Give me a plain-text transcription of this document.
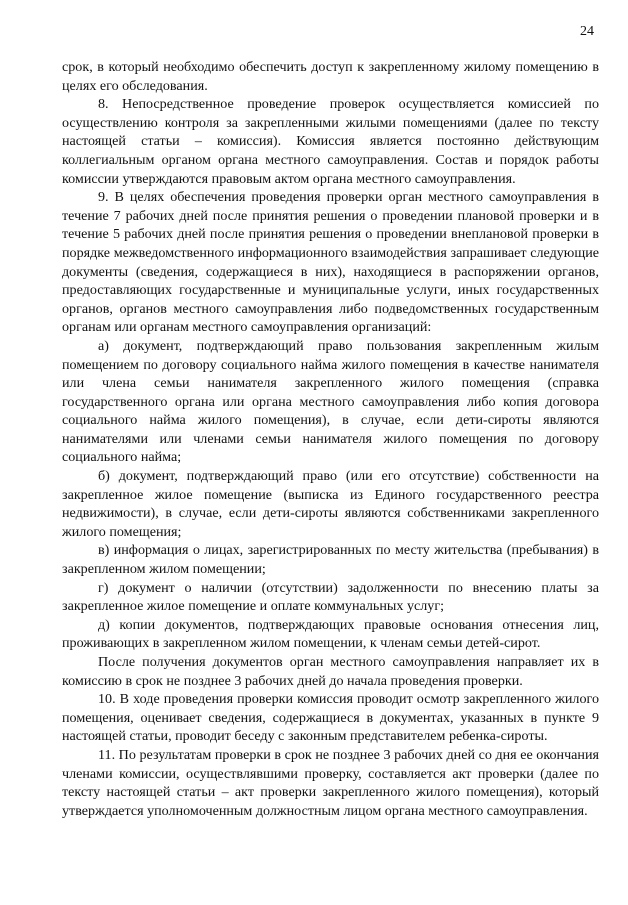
24

срок, в который необходимо обеспечить доступ к закрепленному жилому помещению в целях его обследования.

8. Непосредственное проведение проверок осуществляется комиссией по осуществлению контроля за закрепленными жилыми помещениями (далее по тексту настоящей статьи – комиссия). Комиссия является постоянно действующим коллегиальным органом органа местного самоуправления. Состав и порядок работы комиссии утверждаются правовым актом органа местного самоуправления.

9. В целях обеспечения проведения проверки орган местного самоуправления в течение 7 рабочих дней после принятия решения о проведении плановой проверки и в течение 5 рабочих дней после принятия решения о проведении внеплановой проверки в порядке межведомственного информационного взаимодействия запрашивает следующие документы (сведения, содержащиеся в них), находящиеся в распоряжении органов, предоставляющих государственные и муниципальные услуги, иных государственных органов, органов местного самоуправления либо подведомственных государственным органам или органам местного самоуправления организаций:

а) документ, подтверждающий право пользования закрепленным жилым помещением по договору социального найма жилого помещения в качестве нанимателя или члена семьи нанимателя закрепленного жилого помещения (справка государственного органа или органа местного самоуправления либо копия договора социального найма жилого помещения), в случае, если дети-сироты являются нанимателями или членами семьи нанимателя жилого помещения по договору социального найма;

б) документ, подтверждающий право (или его отсутствие) собственности на закрепленное жилое помещение (выписка из Единого государственного реестра недвижимости), в случае, если дети-сироты являются собственниками закрепленного жилого помещения;

в) информация о лицах, зарегистрированных по месту жительства (пребывания) в закрепленном жилом помещении;

г) документ о наличии (отсутствии) задолженности по внесению платы за закрепленное жилое помещение и оплате коммунальных услуг;

д) копии документов, подтверждающих правовые основания отнесения лиц, проживающих в закрепленном жилом помещении, к членам семьи детей-сирот.

После получения документов орган местного самоуправления направляет их в комиссию в срок не позднее 3 рабочих дней до начала проведения проверки.

10. В ходе проведения проверки комиссия проводит осмотр закрепленного жилого помещения, оценивает сведения, содержащиеся в документах, указанных в пункте 9 настоящей статьи, проводит беседу с законным представителем ребенка-сироты.

11. По результатам проверки в срок не позднее 3 рабочих дней со дня ее окончания членами комиссии, осуществлявшими проверку, составляется акт проверки (далее по тексту настоящей статьи – акт проверки закрепленного жилого помещения), который утверждается уполномоченным должностным лицом органа местного самоуправления.
